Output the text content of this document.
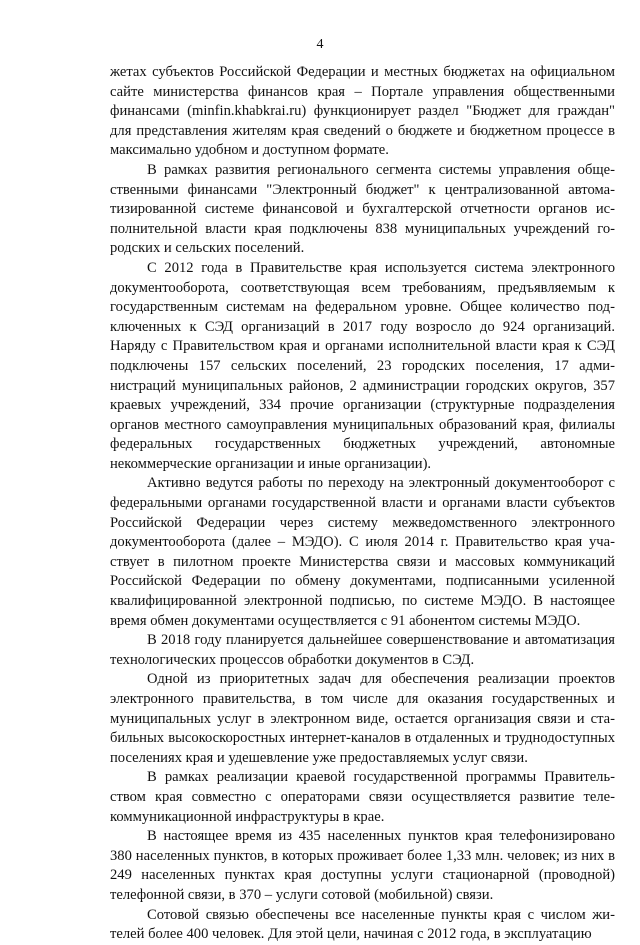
4

жетах субъектов Российской Федерации и местных бюджетах на официальном сайте министерства финансов края – Портале управления общественными финансами (minfin.khabkrai.ru) функционирует раздел "Бюджет для граждан" для представления жителям края сведений о бюджете и бюджетном процессе в максимально удобном и доступном формате.

В рамках развития регионального сегмента системы управления общественными финансами "Электронный бюджет" к централизованной автоматизированной системе финансовой и бухгалтерской отчетности органов исполнительной власти края подключены 838 муниципальных учреждений городских и сельских поселений.

С 2012 года в Правительстве края используется система электронного документооборота, соответствующая всем требованиям, предъявляемым к государственным системам на федеральном уровне. Общее количество подключенных к СЭД организаций в 2017 году возросло до 924 организаций. Наряду с Правительством края и органами исполнительной власти края к СЭД подключены 157 сельских поселений, 23 городских поселения, 17 администраций муниципальных районов, 2 администрации городских округов, 357 краевых учреждений, 334 прочие организации (структурные подразделения органов местного самоуправления муниципальных образований края, филиалы федеральных государственных бюджетных учреждений, автономные некоммерческие организации и иные организации).

Активно ведутся работы по переходу на электронный документооборот с федеральными органами государственной власти и органами власти субъектов Российской Федерации через систему межведомственного электронного документооборота (далее – МЭДО). С июля 2014 г. Правительство края участвует в пилотном проекте Министерства связи и массовых коммуникаций Российской Федерации по обмену документами, подписанными усиленной квалифицированной электронной подписью, по системе МЭДО. В настоящее время обмен документами осуществляется с 91 абонентом системы МЭДО.

В 2018 году планируется дальнейшее совершенствование и автоматизация технологических процессов обработки документов в СЭД.

Одной из приоритетных задач для обеспечения реализации проектов электронного правительства, в том числе для оказания государственных и муниципальных услуг в электронном виде, остается организация связи и стабильных высокоскоростных интернет-каналов в отдаленных и труднодоступных поселениях края и удешевление уже предоставляемых услуг связи.

В рамках реализации краевой государственной программы Правительством края совместно с операторами связи осуществляется развитие телекоммуникационной инфраструктуры в крае.

В настоящее время из 435 населенных пунктов края телефонизировано 380 населенных пунктов, в которых проживает более 1,33 млн. человек; из них в 249 населенных пунктах края доступны услуги стационарной (проводной) телефонной связи, в 370 – услуги сотовой (мобильной) связи.

Сотовой связью обеспечены все населенные пункты края с числом жителей более 400 человек. Для этой цели, начиная с 2012 года, в эксплуатацию
